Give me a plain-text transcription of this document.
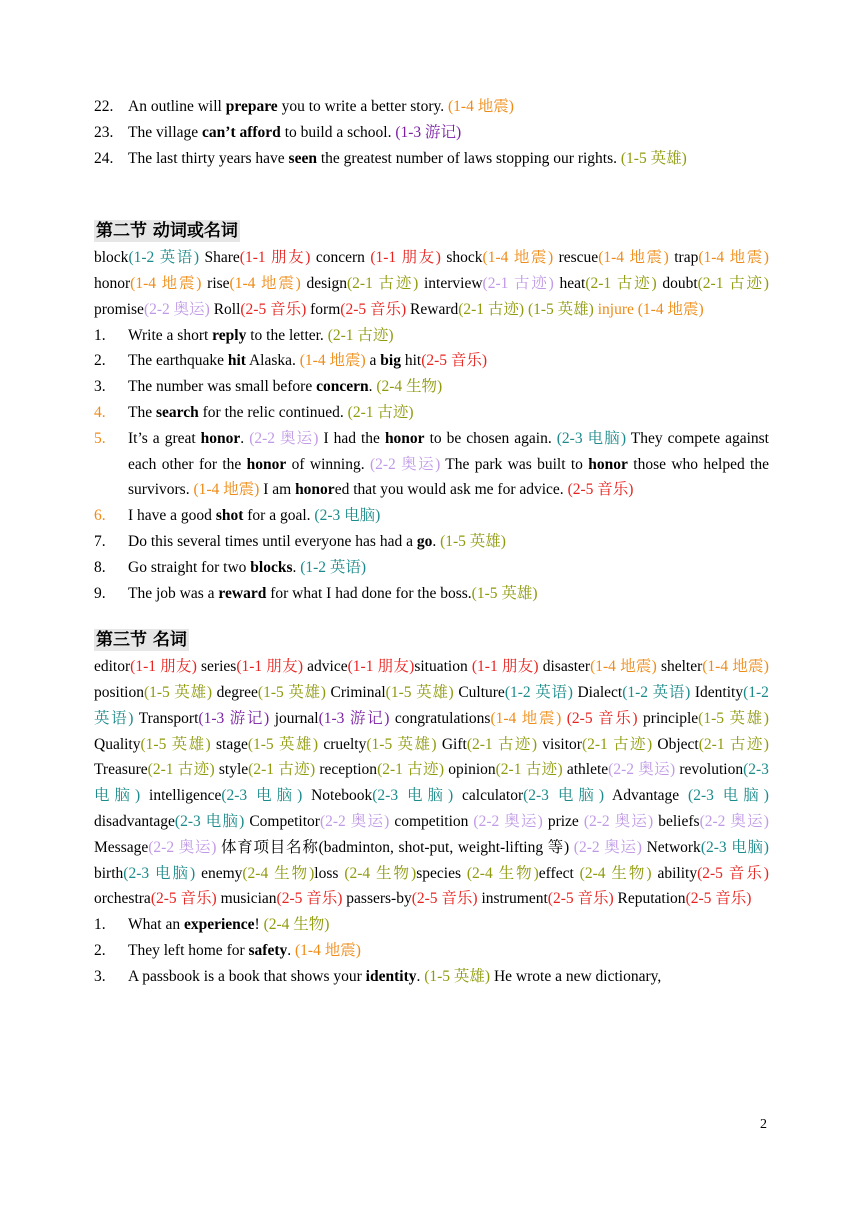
22. An outline will prepare you to write a better story. (1-4 地震)
23. The village can’t afford to build a school. (1-3 游记)
24. The last thirty years have seen the greatest number of laws stopping our rights. (1-5 英雄)
第二节 动词或名词
block(1-2 英语) Share(1-1 朋友) concern (1-1 朋友) shock(1-4 地震) rescue(1-4 地震) trap(1-4 地震) honor(1-4 地震) rise(1-4 地震) design(2-1 古迹) interview(2-1 古迹) heat(2-1 古迹) doubt(2-1 古迹) promise(2-2 奥运) Roll(2-5 音乐) form(2-5 音乐) Reward(2-1 古迹) (1-5 英雄) injure (1-4 地震)
1.	Write a short reply to the letter. (2-1 古迹)
2.	The earthquake hit Alaska. (1-4 地震) a big hit(2-5 音乐)
3.	The number was small before concern. (2-4 生物)
4.	The search for the relic continued. (2-1 古迹)
5.	It’s a great honor. (2-2 奥运) I had the honor to be chosen again. (2-3 电脑) They compete against each other for the honor of winning. (2-2 奥运) The park was built to honor those who helped the survivors. (1-4 地震) I am honored that you would ask me for advice. (2-5 音乐)
6.	I have a good shot for a goal. (2-3 电脑)
7.	Do this several times until everyone has had a go. (1-5 英雄)
8.	Go straight for two blocks. (1-2 英语)
9.	The job was a reward for what I had done for the boss.(1-5 英雄)
第三节 名词
editor(1-1 朋友) series(1-1 朋友) advice(1-1 朋友)situation (1-1 朋友) disaster(1-4 地震) shelter(1-4 地震) position(1-5 英雄) degree(1-5 英雄) Criminal(1-5 英雄) Culture(1-2 英语) Dialect(1-2 英语) Identity(1-2 英语) Transport(1-3 游记) journal(1-3 游记) congratulations(1-4 地震) (2-5 音乐) principle(1-5 英雄) Quality(1-5 英雄) stage(1-5 英雄) cruelty(1-5 英雄) Gift(2-1 古迹) visitor(2-1 古迹) Object(2-1 古迹) Treasure(2-1 古迹) style(2-1 古迹) reception(2-1 古迹) opinion(2-1 古迹) athlete(2-2 奥运) revolution(2-3 电脑) intelligence(2-3 电脑) Notebook(2-3 电脑) calculator(2-3 电脑) Advantage (2-3 电脑) disadvantage(2-3 电脑) Competitor(2-2 奥运) competition (2-2 奥运) prize (2-2 奥运) beliefs(2-2 奥运) Message(2-2 奥运) 体育项目名称(badminton, shot-put, weight-lifting 等) (2-2 奥运) Network(2-3 电脑) birth(2-3 电脑) enemy(2-4 生物)loss (2-4 生物)species (2-4 生物)effect (2-4 生物) ability(2-5 音乐) orchestra(2-5 音乐) musician(2-5 音乐) passers-by(2-5 音乐) instrument(2-5 音乐) Reputation(2-5 音乐)
1.	What an experience! (2-4 生物)
2.	They left home for safety. (1-4 地震)
3.	A passbook is a book that shows your identity. (1-5 英雄) He wrote a new dictionary,
2
